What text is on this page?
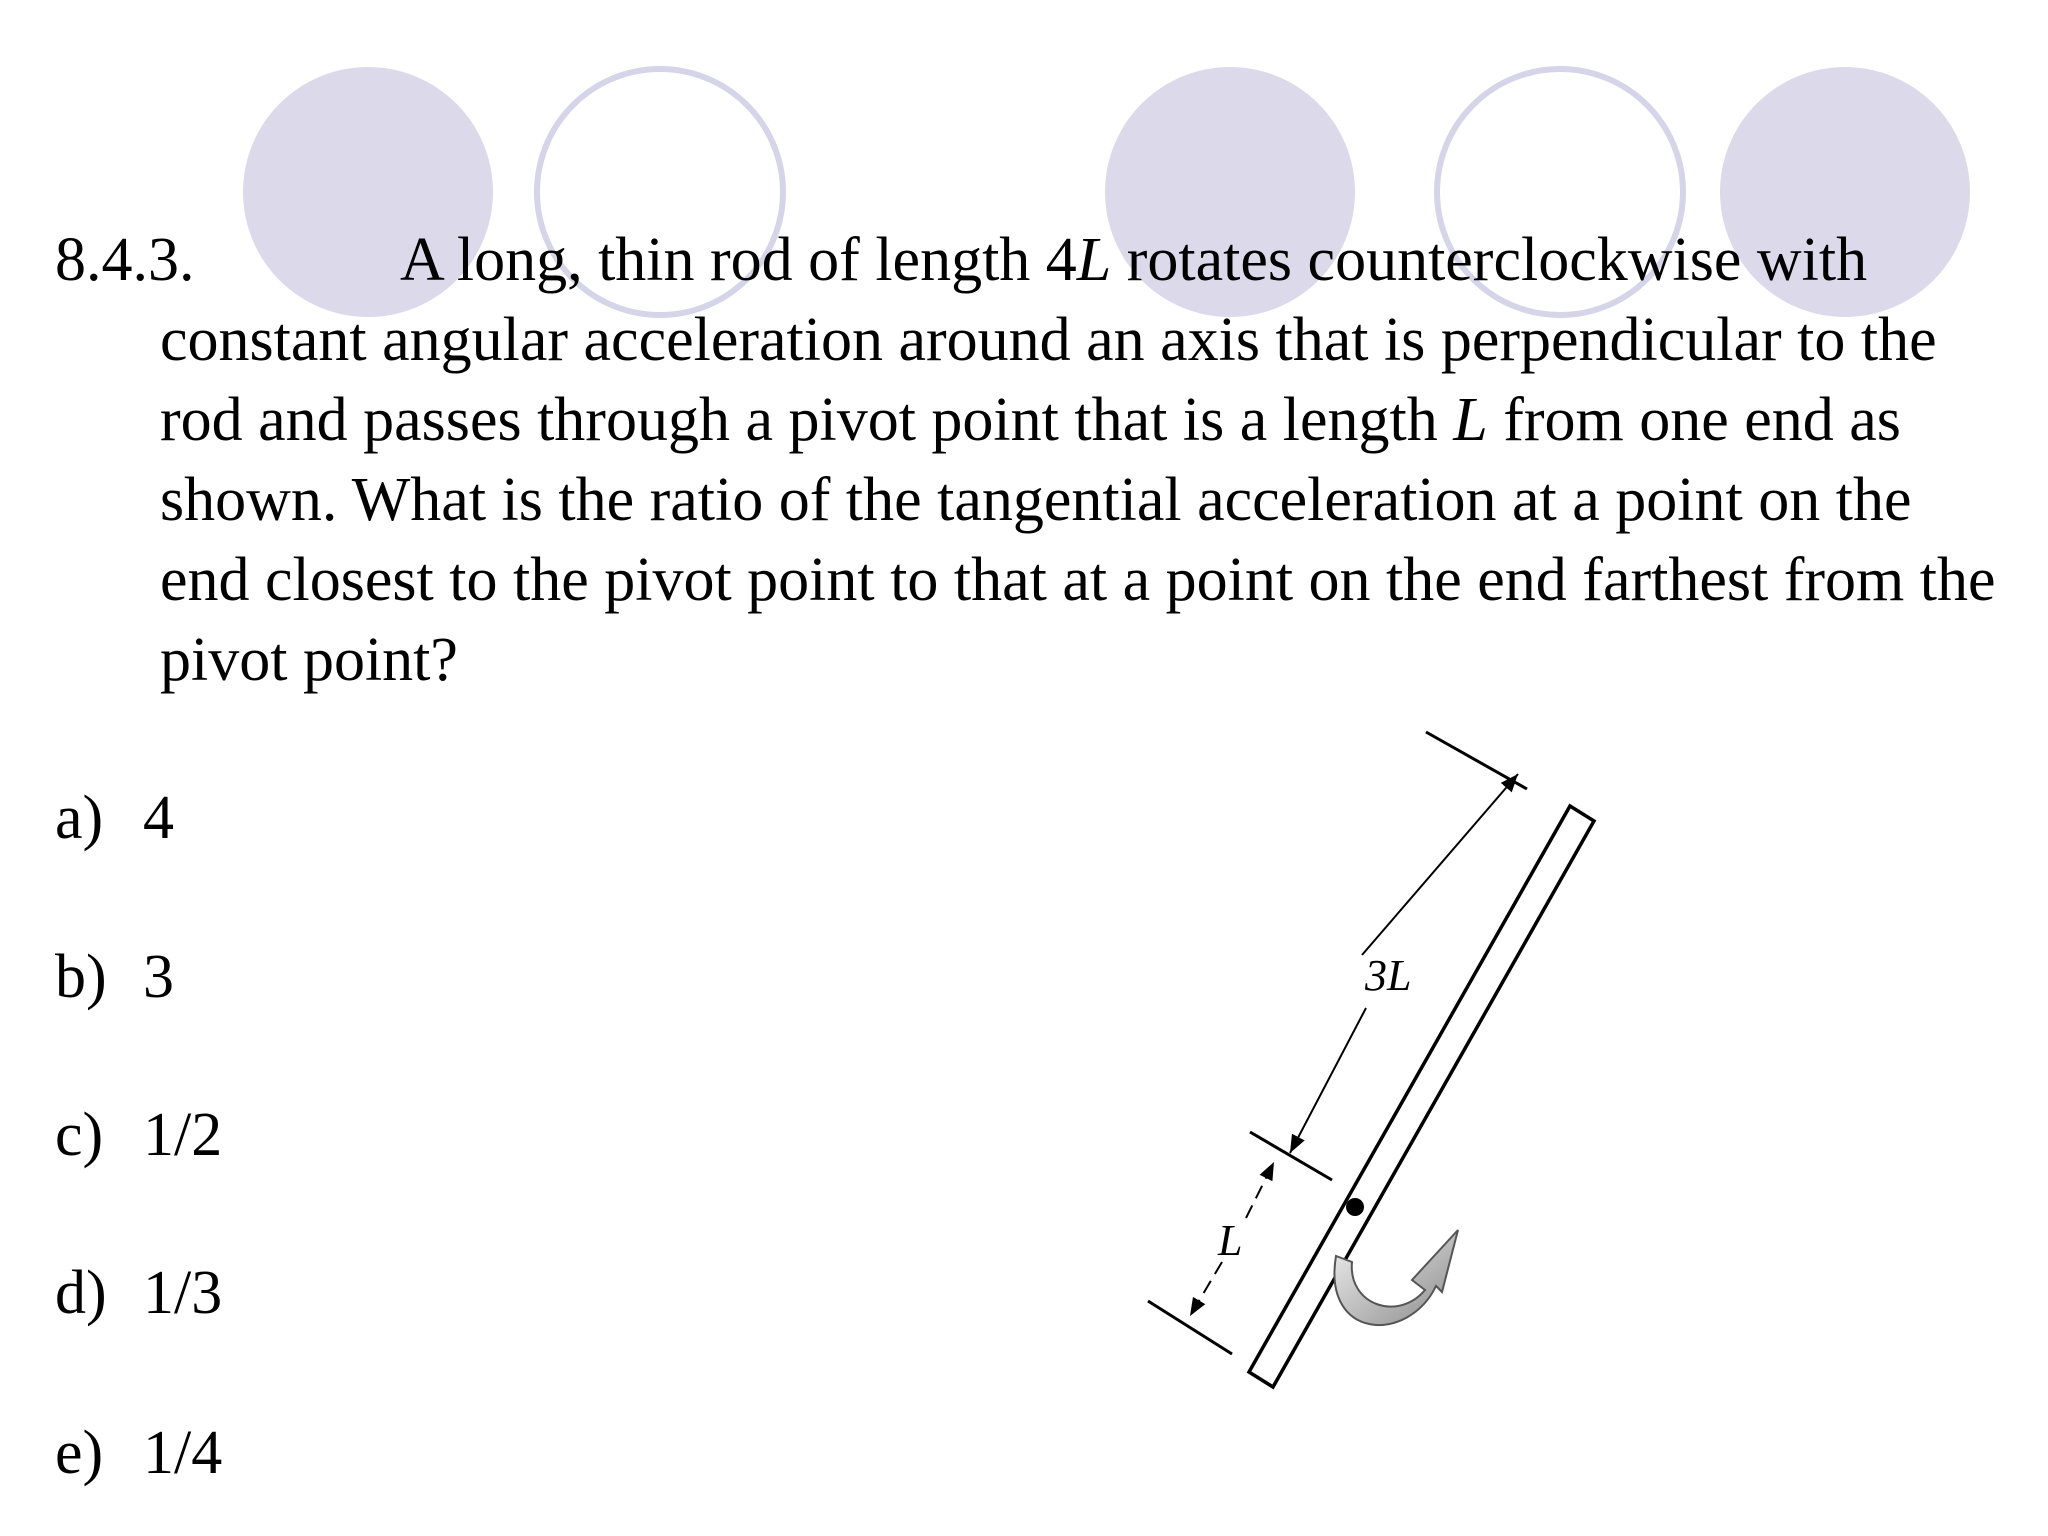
8.4.3.	A long, thin rod of length 4L rotates counterclockwise with constant angular acceleration around an axis that is perpendicular to the rod and passes through a pivot point that is a length L from one end as shown. What is the ratio of the tangential acceleration at a point on the end closest to the pivot point to that at a point on the end farthest from the pivot point?
a) 4
b) 3
c) 1/2
d) 1/3
e) 1/4
3L
L
